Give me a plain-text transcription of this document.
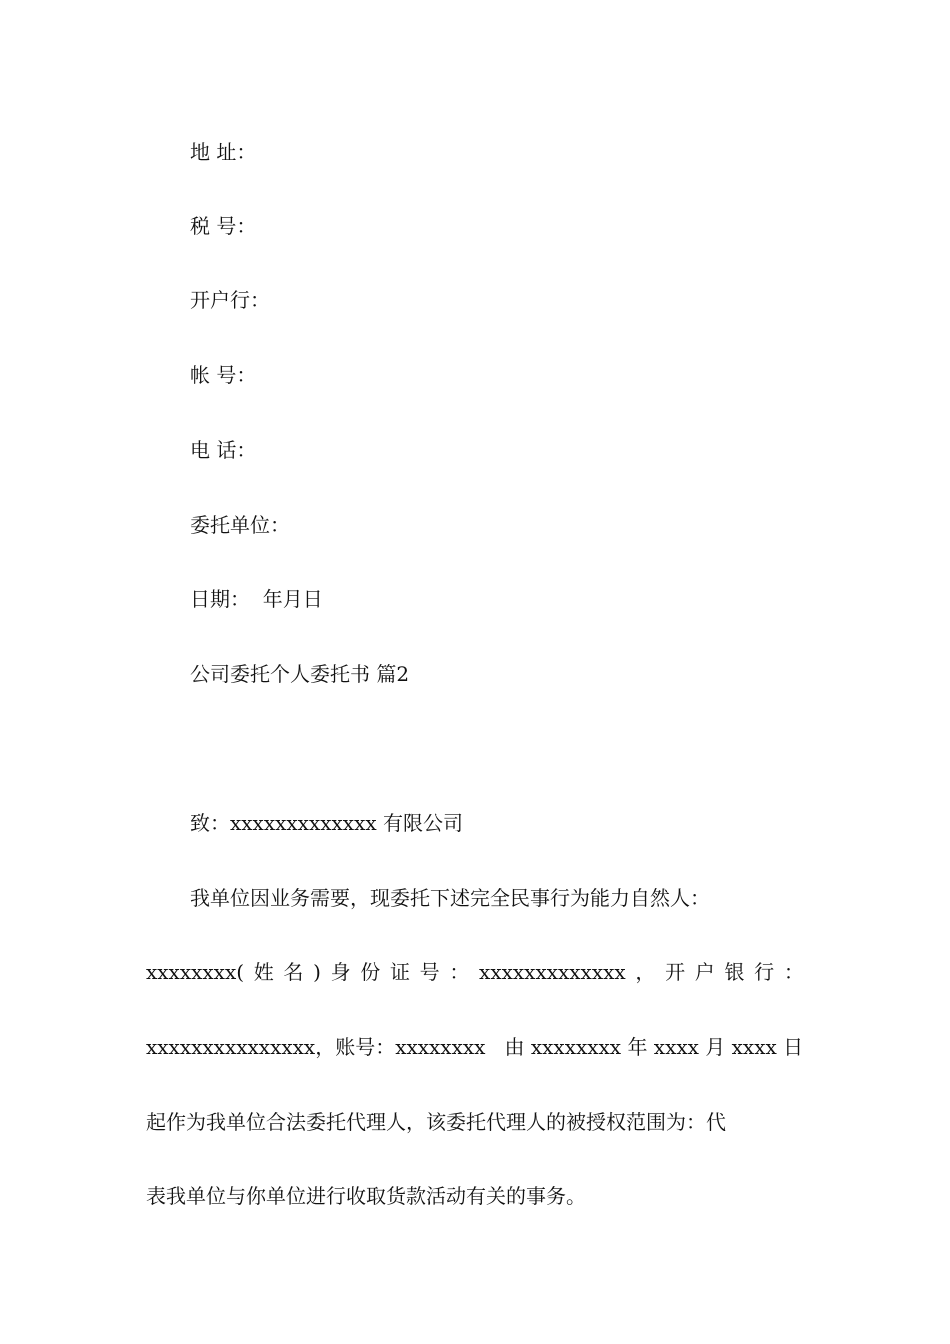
地 址：
税 号：
开户行：
帐 号：
电 话：
委托单位：
日期：  年月日
公司委托个人委托书 篇2
致：xxxxxxxxxxxxx 有限公司
我单位因业务需要，现委托下述完全民事行为能力自然人：
xxxxxxxx( 姓 名 ) 身 份 证 号 ： xxxxxxxxxxxxx ， 开 户 银 行 ：
xxxxxxxxxxxxxxx，账号：xxxxxxxx   由 xxxxxxxx 年 xxxx 月 xxxx 日
起作为我单位合法委托代理人，该委托代理人的被授权范围为：代
表我单位与你单位进行收取货款活动有关的事务。
